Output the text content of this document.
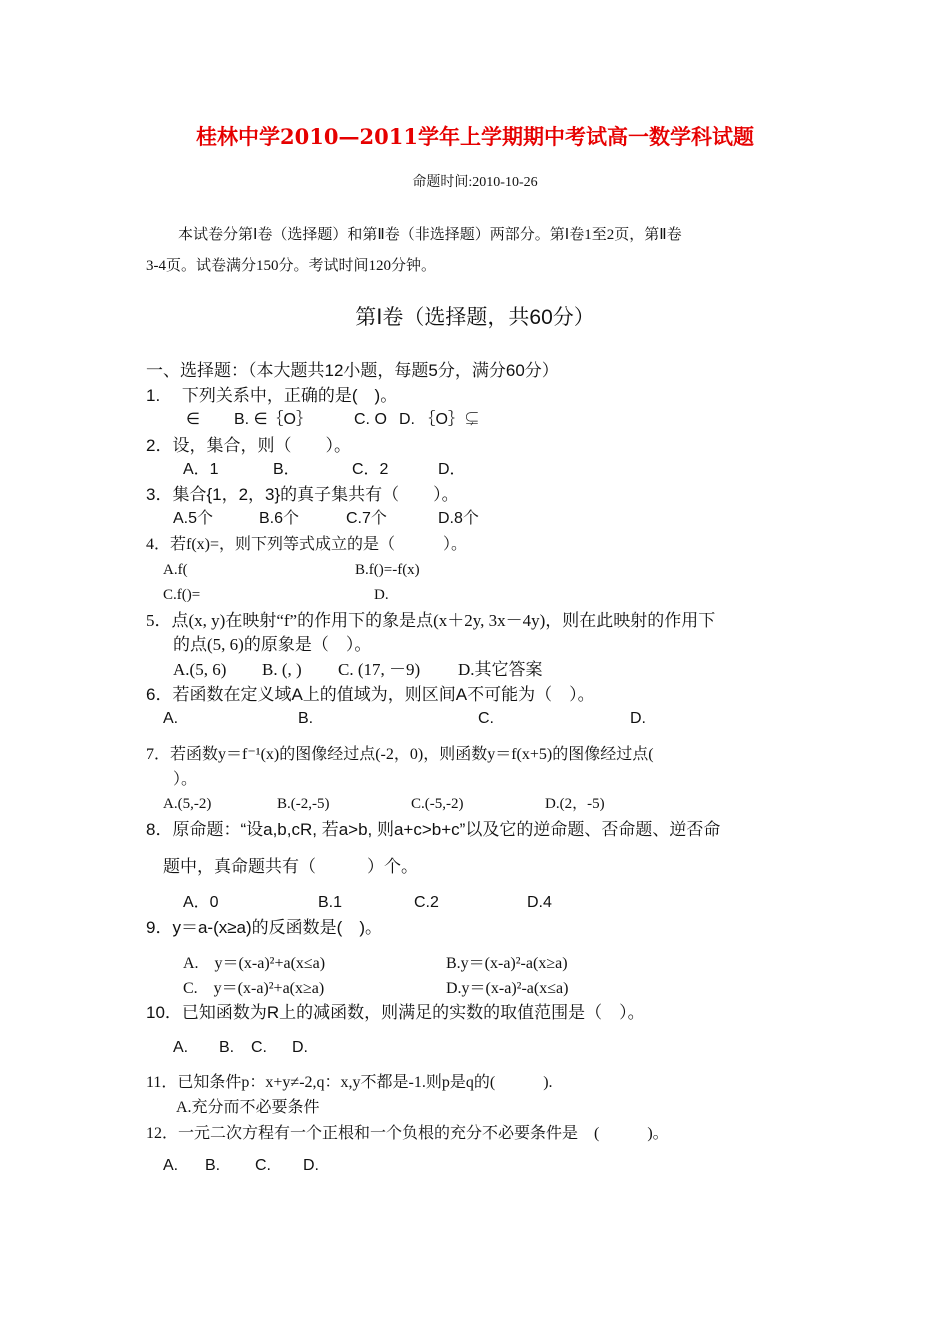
桂林中学2010—2011学年上学期期中考试高一数学科试题
命题时间:2010-10-26
本试卷分第Ⅰ卷（选择题）和第Ⅱ卷（非选择题）两部分。第Ⅰ卷1至2页，第Ⅱ卷
3-4页。试卷满分150分。考试时间120分钟。
第Ⅰ卷（选择题，共60分）
一、选择题：（本大题共12小题，每题5分，满分60分）
1.　 下列关系中，正确的是(　)。
∈ B. ∈｛O｝	C. O D. ｛O｝⊊
2．设，集合，则（　　）。
A．1	B．	C．2	D．
3．集合{1，2，3}的真子集共有（　　）。
A.5个	B.6个	C.7个	D.8个
4．若f(x)=，则下列等式成立的是（　　　）。
A.f(	B.f()=-f(x)
C.f()=	D.
5．点(x, y)在映射“f”的作用下的象是点(x＋2y, 3x－4y)，则在此映射的作用下
的点(5, 6)的原象是（　）。
A.(5, 6) B. (, ) C. (17, －9) D.其它答案
6．若函数在定义域A上的值域为，则区间A不可能为（　）。
A.	B.	C.	D.
7．若函数y＝f⁻¹(x)的图像经过点(-2，0)，则函数y＝f(x+5)的图像经过点(
）。
A.(5,-2)	B.(-2,-5)	C.(-5,-2)	D.(2，-5)
8．原命题：“设a,b,cR, 若a>b, 则a+c>b+c”以及它的逆命题、否命题、逆否命
题中，真命题共有（　　　）个。
A．0	B.1	C.2	D.4
9．y＝a-(x≥a)的反函数是(　)。
A.　y＝(x-a)²+a(x≤a)	B.y＝(x-a)²-a(x≥a)
C.　y＝(x-a)²+a(x≥a)	D.y＝(x-a)²-a(x≤a)
10．已知函数为R上的减函数，则满足的实数的取值范围是（　）。
A. B. C. D.
11．已知条件p：x+y≠-2,q：x,y不都是-1.则p是q的(　　　).
A.充分而不必要条件
12．一元二次方程有一个正根和一个负根的充分不必要条件是　(　　　)。
A. B. C. D.
